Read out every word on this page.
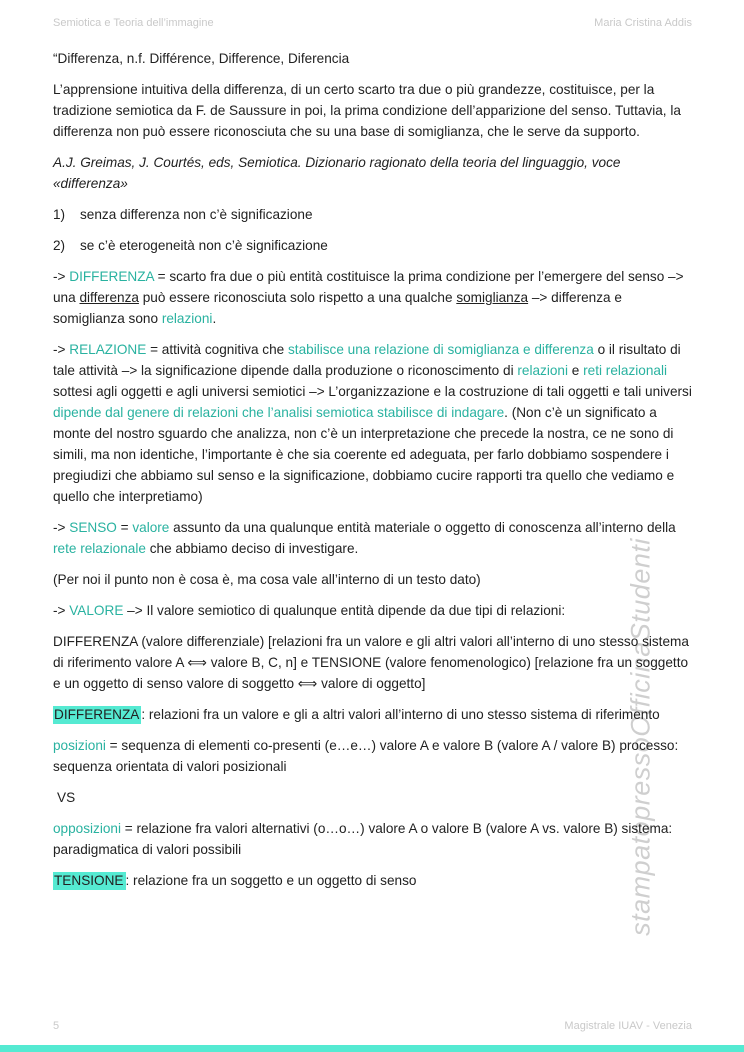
Semiotica e Teoria dell’immagine	Maria Cristina Addis
stampatopressoOfficinaStudenti

“Differenza, n.f. Différence, Difference, Diferencia

L’apprensione intuitiva della differenza, di un certo scarto tra due o più grandezze, costituisce, per la tradizione semiotica da F. de Saussure in poi, la prima condizione dell’apparizione del senso. Tuttavia, la differenza non può essere riconosciuta che su una base di somiglianza, che le serve da supporto.

A.J. Greimas, J. Courtés, eds, Semiotica. Dizionario ragionato della teoria del linguaggio, voce «differenza»

1) senza differenza non c’è significazione

2) se c’è eterogeneità non c’è significazione

-> DIFFERENZA = scarto fra due o più entità costituisce la prima condizione per l’emergere del senso –> una differenza può essere riconosciuta solo rispetto a una qualche somiglianza –> differenza e somiglianza sono relazioni.

-> RELAZIONE = attività cognitiva che stabilisce una relazione di somiglianza e differenza o il risultato di tale attività –> la significazione dipende dalla produzione o riconoscimento di relazioni e reti relazionali sottesi agli oggetti e agli universi semiotici –> L’organizzazione e la costruzione di tali oggetti e tali universi dipende dal genere di relazioni che l’analisi semiotica stabilisce di indagare. (Non c’è un significato a monte del nostro sguardo che analizza, non c’è un interpretazione che precede la nostra, ce ne sono di simili, ma non identiche, l’importante è che sia coerente ed adeguata, per farlo dobbiamo sospendere i pregiudizi che abbiamo sul senso e la significazione, dobbiamo cucire rapporti tra quello che vediamo e quello che interpretiamo)

-> SENSO = valore assunto da una qualunque entità materiale o oggetto di conoscenza all’interno della rete relazionale che abbiamo deciso di investigare.

(Per noi il punto non è cosa è, ma cosa vale all’interno di un testo dato)

-> VALORE –> Il valore semiotico di qualunque entità dipende da due tipi di relazioni:

DIFFERENZA (valore differenziale) [relazioni fra un valore e gli altri valori all’interno di uno stesso sistema di riferimento valore A ⟺ valore B, C, n] e TENSIONE (valore fenomenologico) [relazione fra un soggetto e un oggetto di senso valore di soggetto ⟺ valore di oggetto]

DIFFERENZA : relazioni fra un valore e gli a altri valori all’interno di uno stesso sistema di riferimento

posizioni = sequenza di elementi co-presenti (e…e…) valore A e valore B (valore A / valore B) processo: sequenza orientata di valori posizionali

VS

opposizioni = relazione fra valori alternativi (o…o…) valore A o valore B (valore A vs. valore B) sistema: paradigmatica di valori possibili

TENSIONE : relazione fra un soggetto e un oggetto di senso

5	Magistrale IUAV - Venezia
